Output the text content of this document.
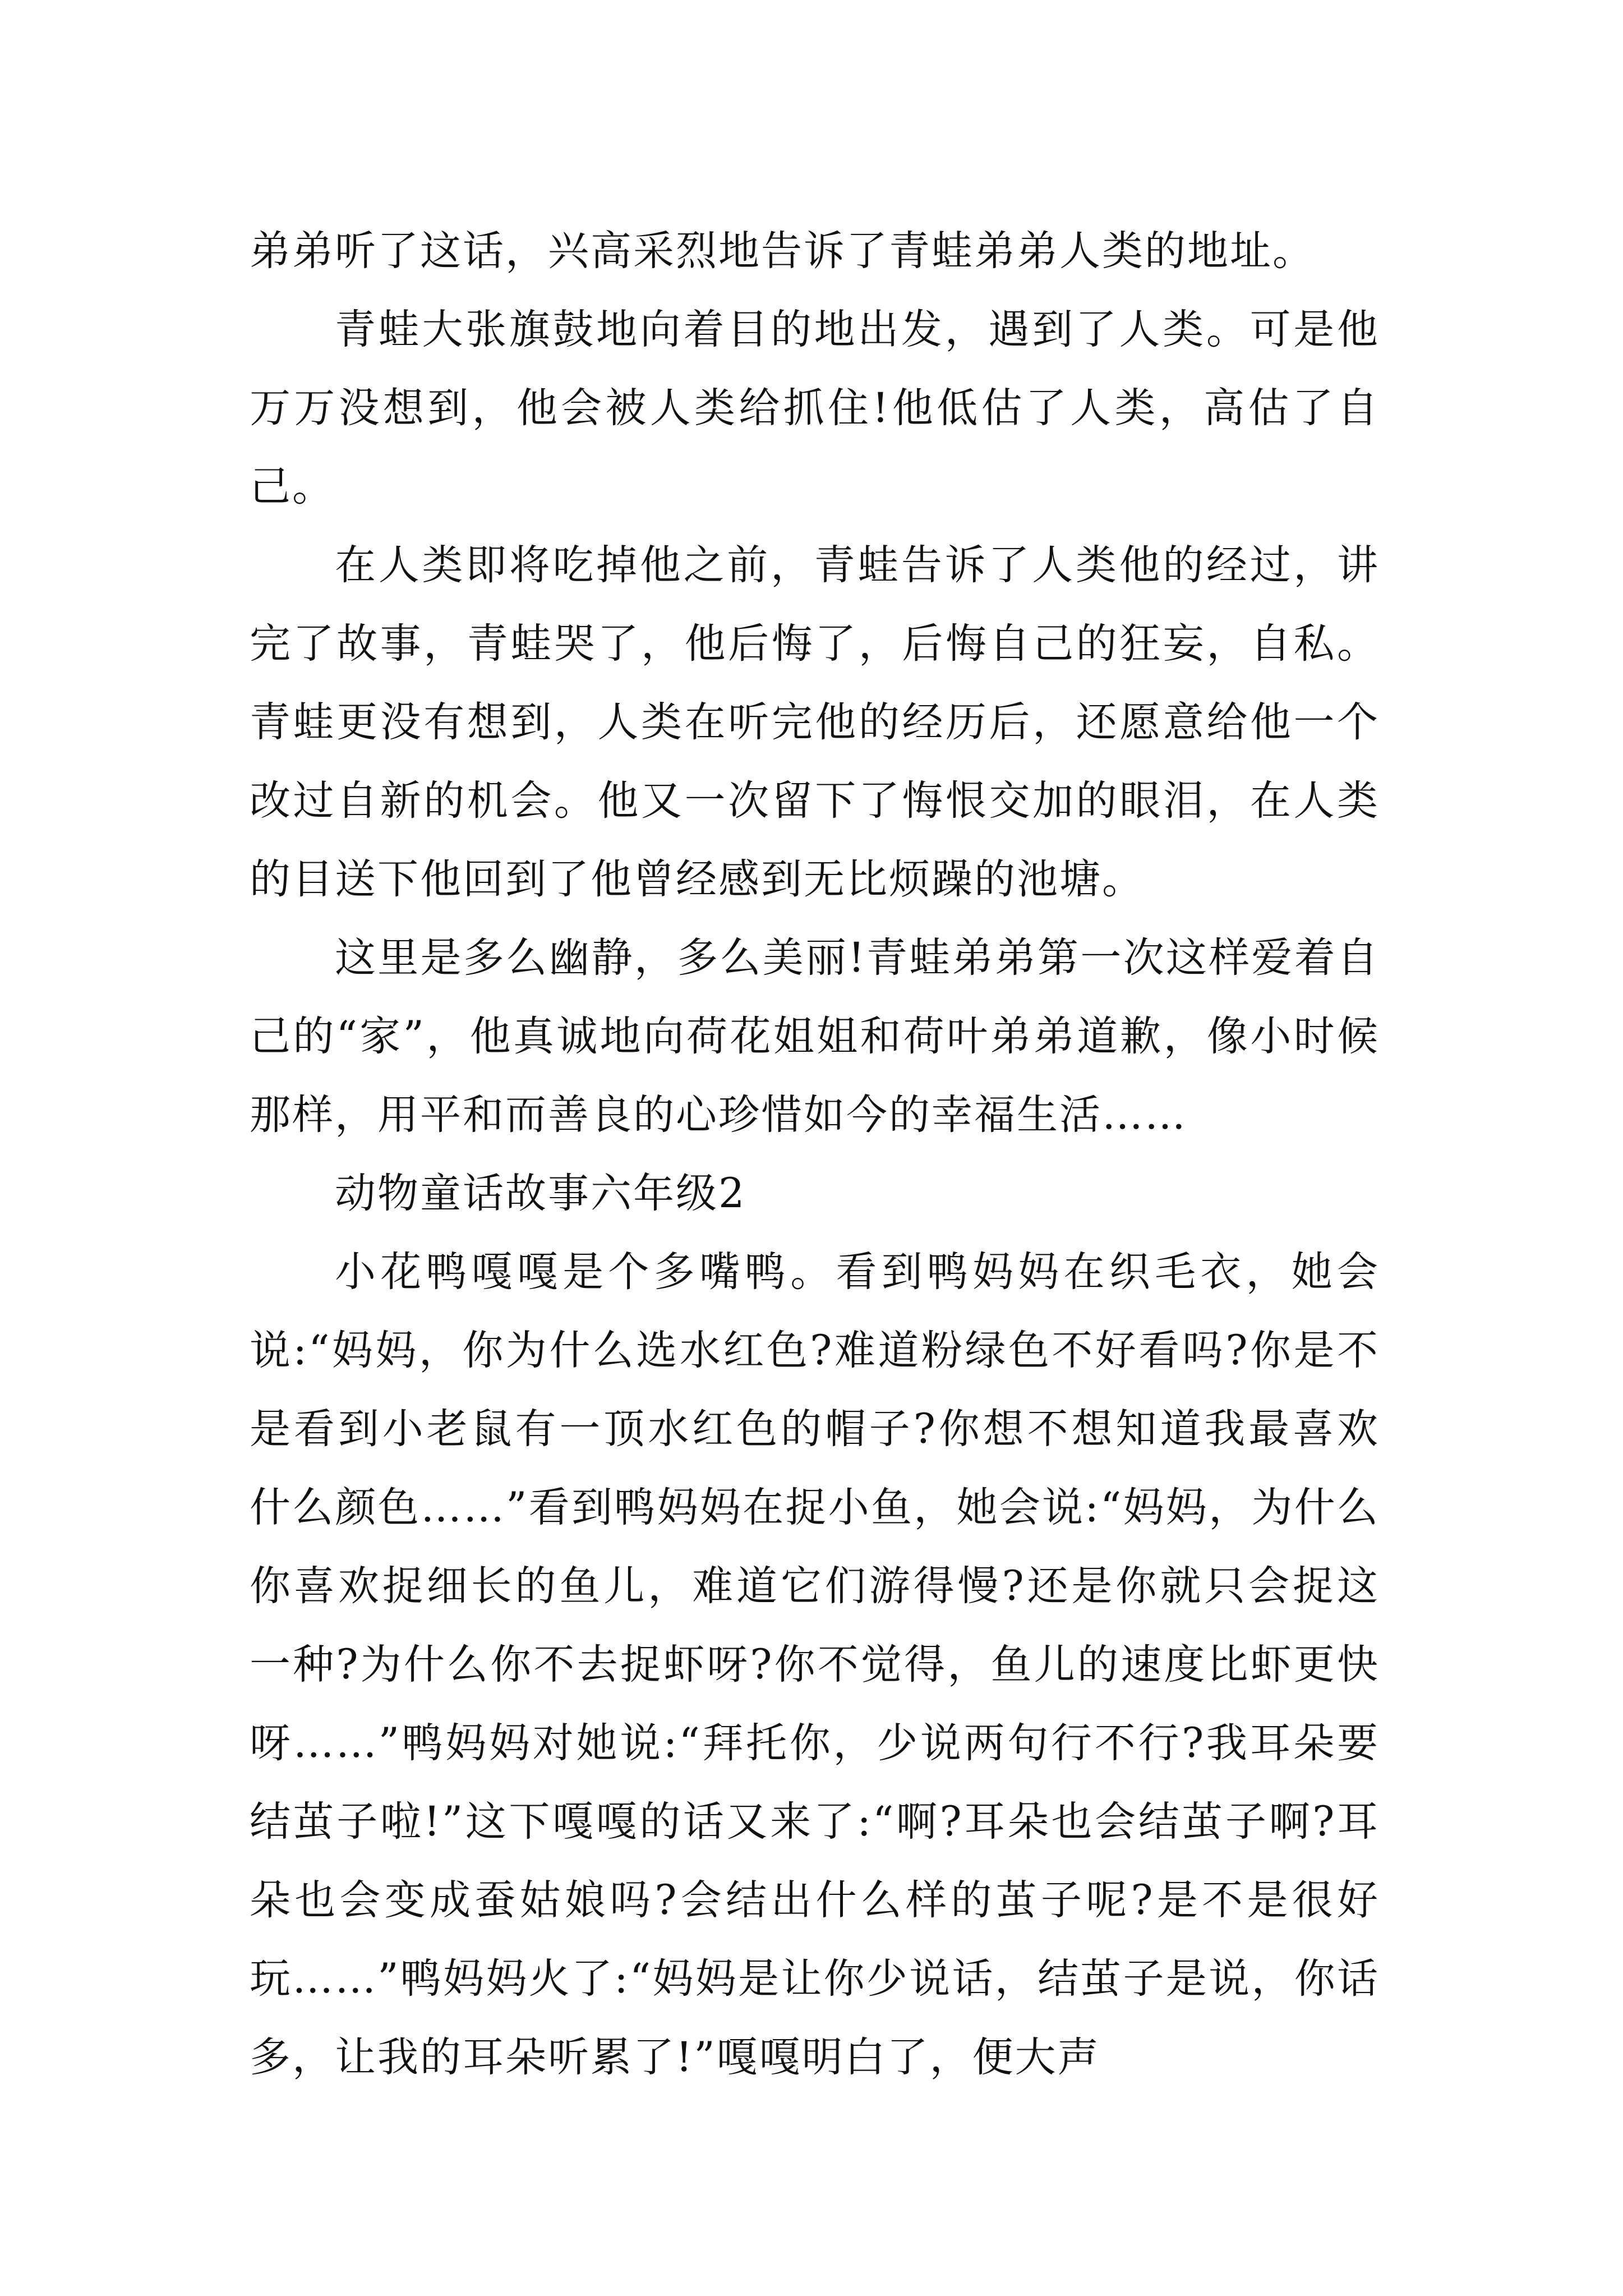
弟弟听了这话，兴高采烈地告诉了青蛙弟弟人类的地址。

青蛙大张旗鼓地向着目的地出发，遇到了人类。可是他万万没想到，他会被人类给抓住!他低估了人类，高估了自己。

在人类即将吃掉他之前，青蛙告诉了人类他的经过，讲完了故事，青蛙哭了，他后悔了，后悔自己的狂妄，自私。青蛙更没有想到，人类在听完他的经历后，还愿意给他一个改过自新的机会。他又一次留下了悔恨交加的眼泪，在人类的目送下他回到了他曾经感到无比烦躁的池塘。

这里是多么幽静，多么美丽!青蛙弟弟第一次这样爱着自己的“家”，他真诚地向荷花姐姐和荷叶弟弟道歉，像小时候那样，用平和而善良的心珍惜如今的幸福生活……

动物童话故事六年级2

小花鸭嘎嘎是个多嘴鸭。看到鸭妈妈在织毛衣，她会说:“妈妈，你为什么选水红色?难道粉绿色不好看吗?你是不是看到小老鼠有一顶水红色的帽子?你想不想知道我最喜欢什么颜色……”看到鸭妈妈在捉小鱼，她会说:“妈妈，为什么你喜欢捉细长的鱼儿，难道它们游得慢?还是你就只会捉这一种?为什么你不去捉虾呀?你不觉得，鱼儿的速度比虾更快呀……”鸭妈妈对她说:“拜托你，少说两句行不行?我耳朵要结茧子啦!”这下嘎嘎的话又来了:“啊?耳朵也会结茧子啊?耳朵也会变成蚕姑娘吗?会结出什么样的茧子呢?是不是很好玩……”鸭妈妈火了:“妈妈是让你少说话，结茧子是说，你话多，让我的耳朵听累了!”嘎嘎明白了，便大声
